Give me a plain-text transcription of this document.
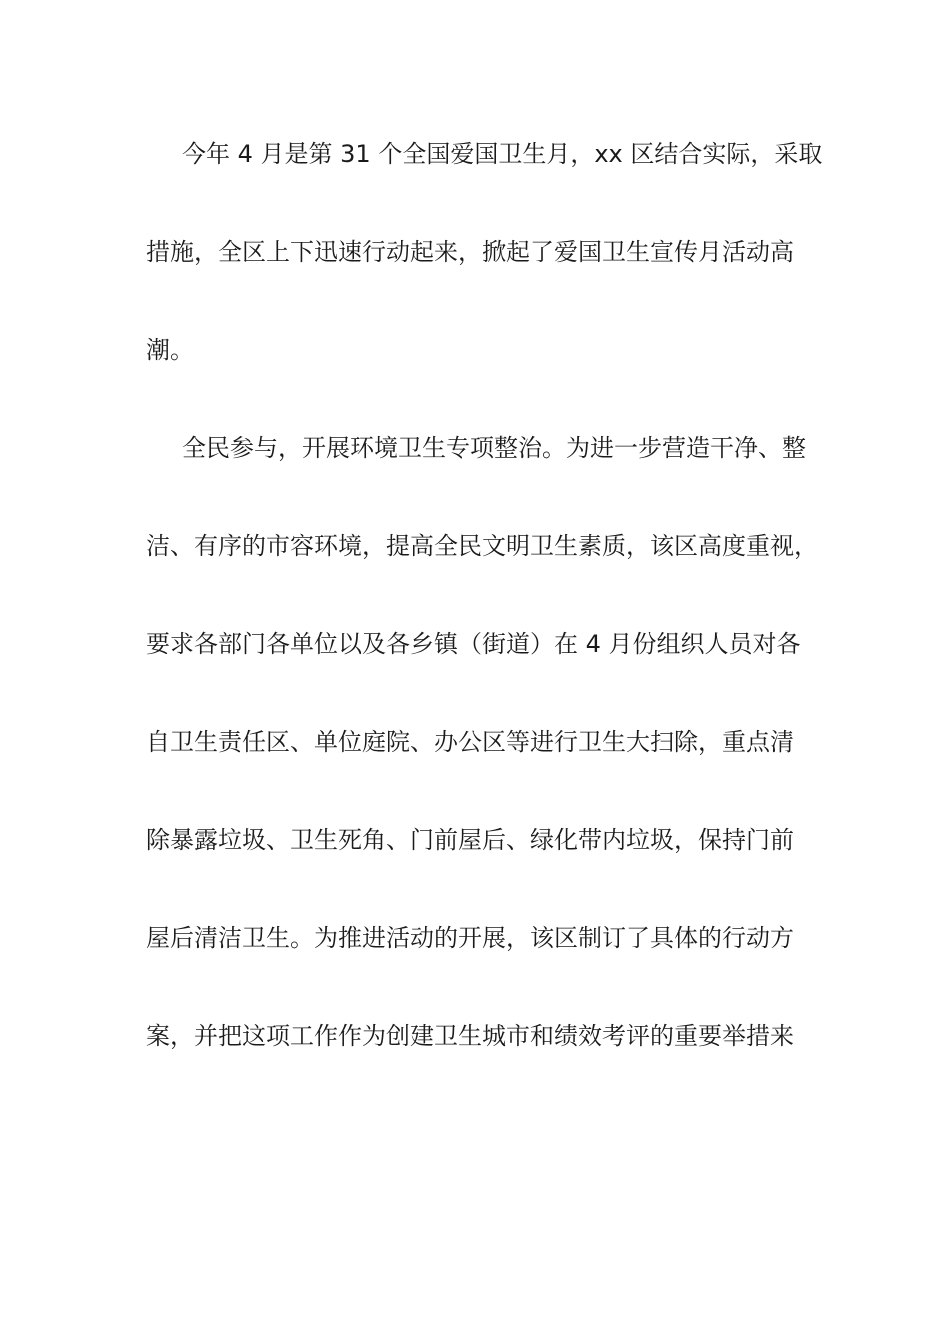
今年 4 月是第 31 个全国爱国卫生月，xx 区结合实际，采取
措施，全区上下迅速行动起来，掀起了爱国卫生宣传月活动高
潮。
全民参与，开展环境卫生专项整治。为进一步营造干净、整
洁、有序的市容环境，提高全民文明卫生素质，该区高度重视，
要求各部门各单位以及各乡镇（街道）在 4 月份组织人员对各
自卫生责任区、单位庭院、办公区等进行卫生大扫除，重点清
除暴露垃圾、卫生死角、门前屋后、绿化带内垃圾，保持门前
屋后清洁卫生。为推进活动的开展，该区制订了具体的行动方
案，并把这项工作作为创建卫生城市和绩效考评的重要举措来
